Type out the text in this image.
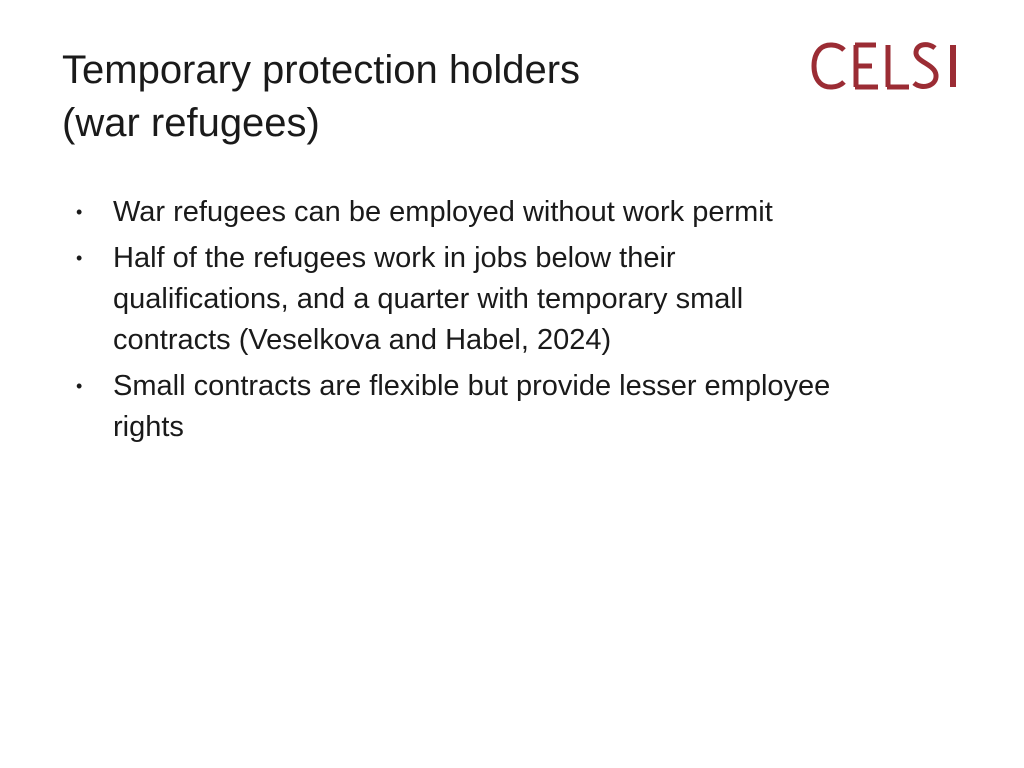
Temporary protection holders
(war refugees)
• War refugees can be employed without work permit
• Half of the refugees work in jobs below their
qualifications, and a quarter with temporary small
contracts (Veselkova and Habel, 2024)
• Small contracts are flexible but provide lesser employee
rights
